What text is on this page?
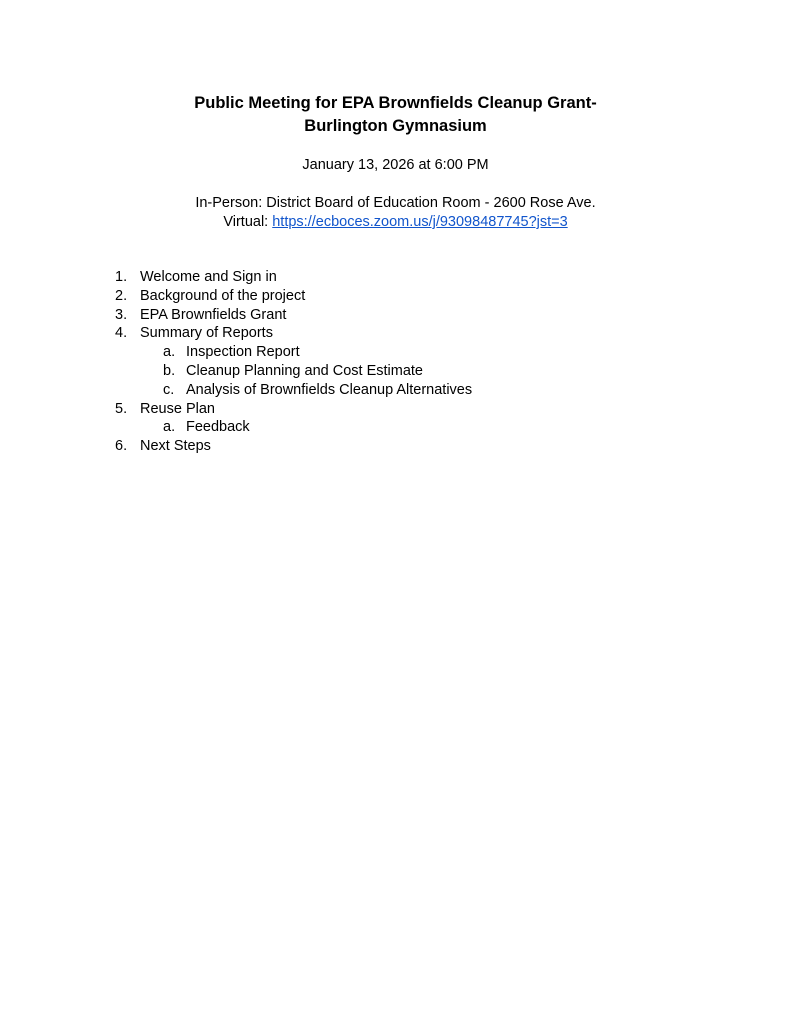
Public Meeting for EPA Brownfields Cleanup Grant-
Burlington Gymnasium
January 13, 2026 at 6:00 PM
In-Person: District Board of Education Room - 2600 Rose Ave.
Virtual: https://ecboces.zoom.us/j/93098487745?jst=3
1. Welcome and Sign in
2. Background of the project
3. EPA Brownfields Grant
4. Summary of Reports
a. Inspection Report
b. Cleanup Planning and Cost Estimate
c. Analysis of Brownfields Cleanup Alternatives
5. Reuse Plan
a. Feedback
6. Next Steps
